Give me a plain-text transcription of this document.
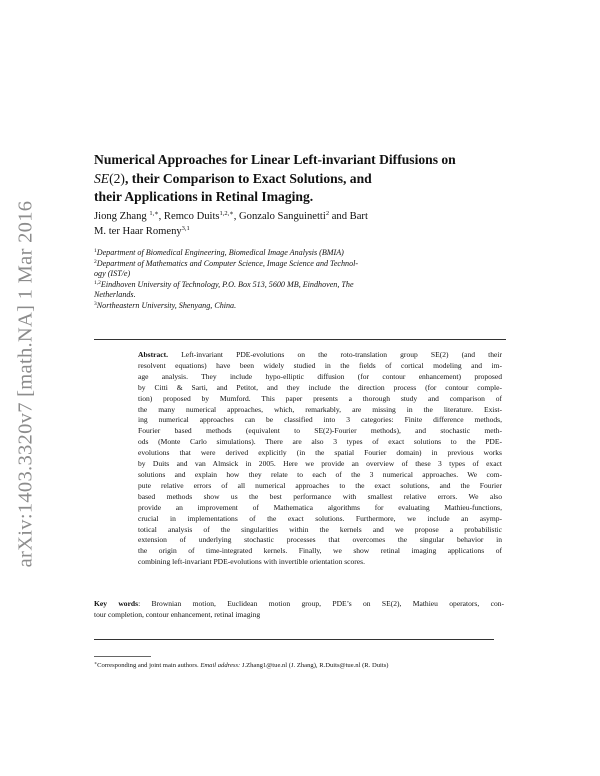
arXiv:1403.3320v7 [math.NA] 1 Mar 2016
Numerical Approaches for Linear Left-invariant Diffusions on
SE(2), their Comparison to Exact Solutions, and
their Applications in Retinal Imaging.
Jiong Zhang $^{1,∗}$, Remco Duits$^{1,2,∗}$, Gonzalo Sanguinetti$^2$ and Bart
M. ter Haar Romeny$^{3,1}$
$^1$Department of Biomedical Engineering, Biomedical Image Analysis (BMIA)
$^2$Department of Mathematics and Computer Science, Image Science and Technol-
ogy (IST/e)
$^{1,2}$Eindhoven University of Technology, P.O. Box 513, 5600 MB, Eindhoven, The
Netherlands.
$^3$Northeastern University, Shenyang, China.
Abstract. Left-invariant PDE-evolutions on the roto-translation group SE(2) (and their
resolvent equations) have been widely studied in the fields of cortical modeling and im-
age analysis. They include hypo-elliptic diffusion (for contour enhancement) proposed
by Citti & Sarti, and Petitot, and they include the direction process (for contour comple-
tion) proposed by Mumford. This paper presents a thorough study and comparison of
the many numerical approaches, which, remarkably, are missing in the literature. Exist-
ing numerical approaches can be classified into 3 categories: Finite difference methods,
Fourier based methods (equivalent to SE(2)-Fourier methods), and stochastic meth-
ods (Monte Carlo simulations). There are also 3 types of exact solutions to the PDE-
evolutions that were derived explicitly (in the spatial Fourier domain) in previous works
by Duits and van Almsick in 2005. Here we provide an overview of these 3 types of exact
solutions and explain how they relate to each of the 3 numerical approaches. We com-
pute relative errors of all numerical approaches to the exact solutions, and the Fourier
based methods show us the best performance with smallest relative errors. We also
provide an improvement of Mathematica algorithms for evaluating Mathieu-functions,
crucial in implementations of the exact solutions. Furthermore, we include an asymp-
totical analysis of the singularities within the kernels and we propose a probabilistic
extension of underlying stochastic processes that overcomes the singular behavior in
the origin of time-integrated kernels. Finally, we show retinal imaging applications of
combining left-invariant PDE-evolutions with invertible orientation scores.
Key words: Brownian motion, Euclidean motion group, PDE’s on SE(2), Mathieu operators, con-
tour completion, contour enhancement, retinal imaging
∗Corresponding and joint main authors. Email address: J.Zhang1@tue.nl (J. Zhang), R.Duits@tue.nl (R. Duits)
